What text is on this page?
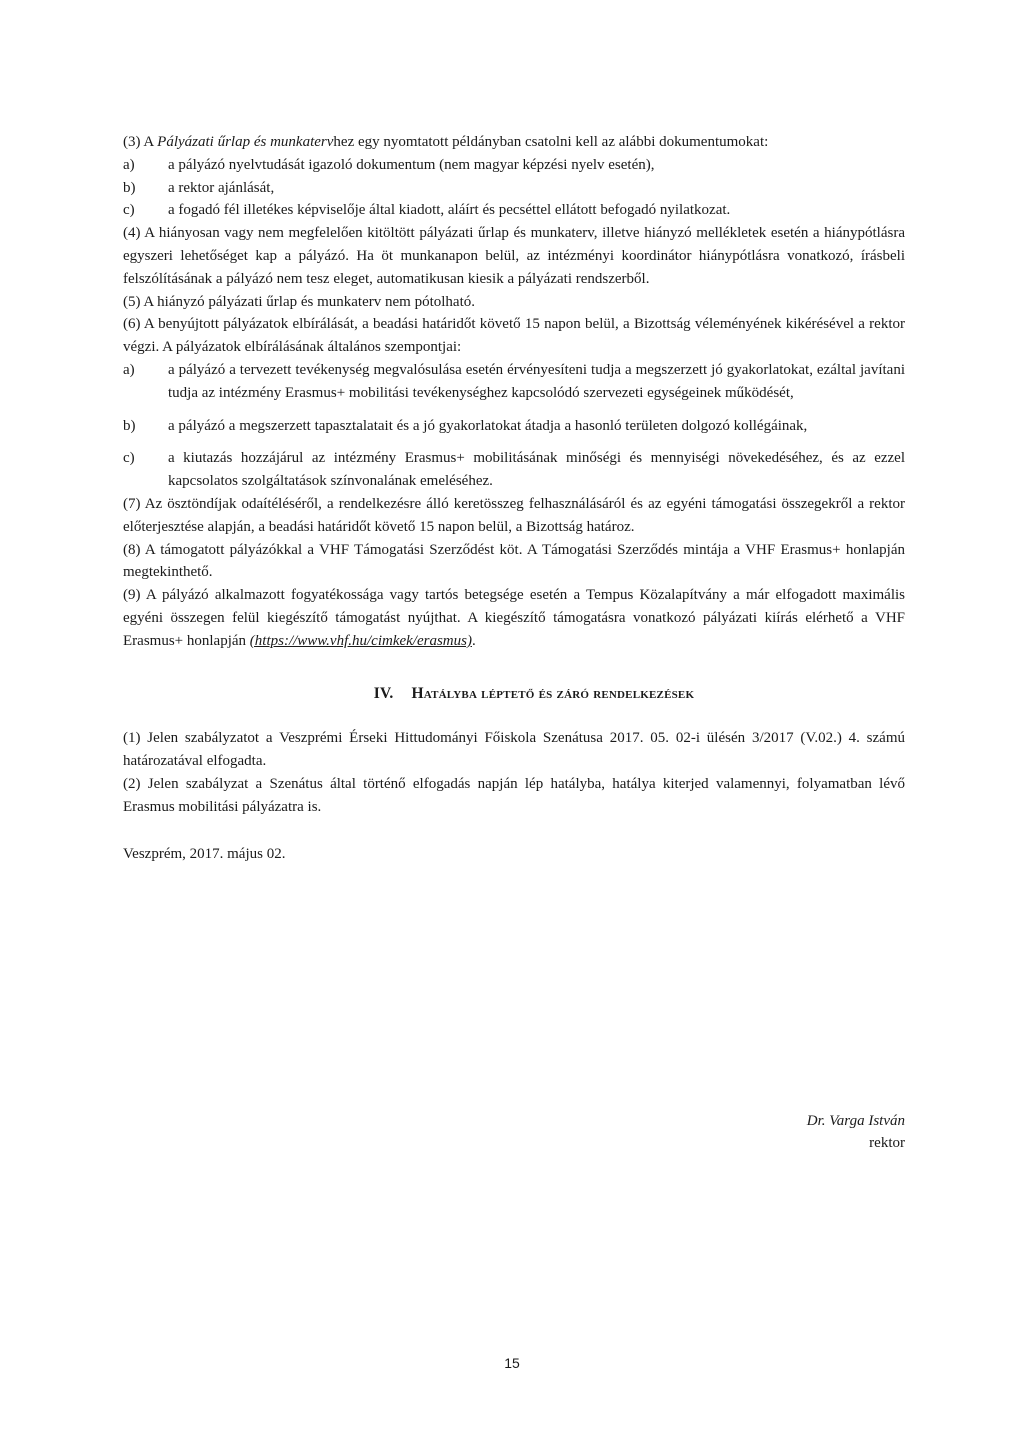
(3) A Pályázati űrlap és munkatervhez egy nyomtatott példányban csatolni kell az alábbi dokumentumokat:

a) a pályázó nyelvtudását igazoló dokumentum (nem magyar képzési nyelv esetén),
b) a rektor ajánlását,
c) a fogadó fél illetékes képviselője által kiadott, aláírt és pecséttel ellátott befogadó nyilatkozat.

(4) A hiányosan vagy nem megfelelően kitöltött pályázati űrlap és munkaterv, illetve hiányzó mellékletek esetén a hiánypótlásra egyszeri lehetőséget kap a pályázó. Ha öt munkanapon belül, az intézményi koordinátor hiánypótlásra vonatkozó, írásbeli felszólításának a pályázó nem tesz eleget, automatikusan kiesik a pályázati rendszerből.

(5) A hiányzó pályázati űrlap és munkaterv nem pótolható.

(6) A benyújtott pályázatok elbírálását, a beadási határidőt követő 15 napon belül, a Bizottság véleményének kikérésével a rektor végzi. A pályázatok elbírálásának általános szempontjai:

a) a pályázó a tervezett tevékenység megvalósulása esetén érvényesíteni tudja a megszerzett jó gyakorlatokat, ezáltal javítani tudja az intézmény Erasmus+ mobilitási tevékenységhez kapcsolódó szervezeti egységeinek működését,
b) a pályázó a megszerzett tapasztalatait és a jó gyakorlatokat átadja a hasonló területen dolgozó kollégáinak,
c) a kiutazás hozzájárul az intézmény Erasmus+ mobilitásának minőségi és mennyiségi növekedéséhez, és az ezzel kapcsolatos szolgáltatások színvonalának emeléséhez.

(7) Az ösztöndíjak odaítéléséről, a rendelkezésre álló keretösszeg felhasználásáról és az egyéni támogatási összegekről a rektor előterjesztése alapján, a beadási határidőt követő 15 napon belül, a Bizottság határoz.

(8) A támogatott pályázókkal a VHF Támogatási Szerződést köt. A Támogatási Szerződés mintája a VHF Erasmus+ honlapján megtekinthető.

(9) A pályázó alkalmazott fogyatékossága vagy tartós betegsége esetén a Tempus Közalapítvány a már elfogadott maximális egyéni összegen felül kiegészítő támogatást nyújthat. A kiegészítő támogatásra vonatkozó pályázati kiírás elérhető a VHF Erasmus+ honlapján (https://www.vhf.hu/cimkek/erasmus).

IV. Hatályba léptető és záró rendelkezések

(1) Jelen szabályzatot a Veszprémi Érseki Hittudományi Főiskola Szenátusa 2017. 05. 02-i ülésén 3/2017 (V.02.) 4. számú határozatával elfogadta.

(2) Jelen szabályzat a Szenátus által történő elfogadás napján lép hatályba, hatálya kiterjed valamennyi, folyamatban lévő Erasmus mobilitási pályázatra is.

Veszprém, 2017. május 02.

Dr. Varga István
rektor
15
